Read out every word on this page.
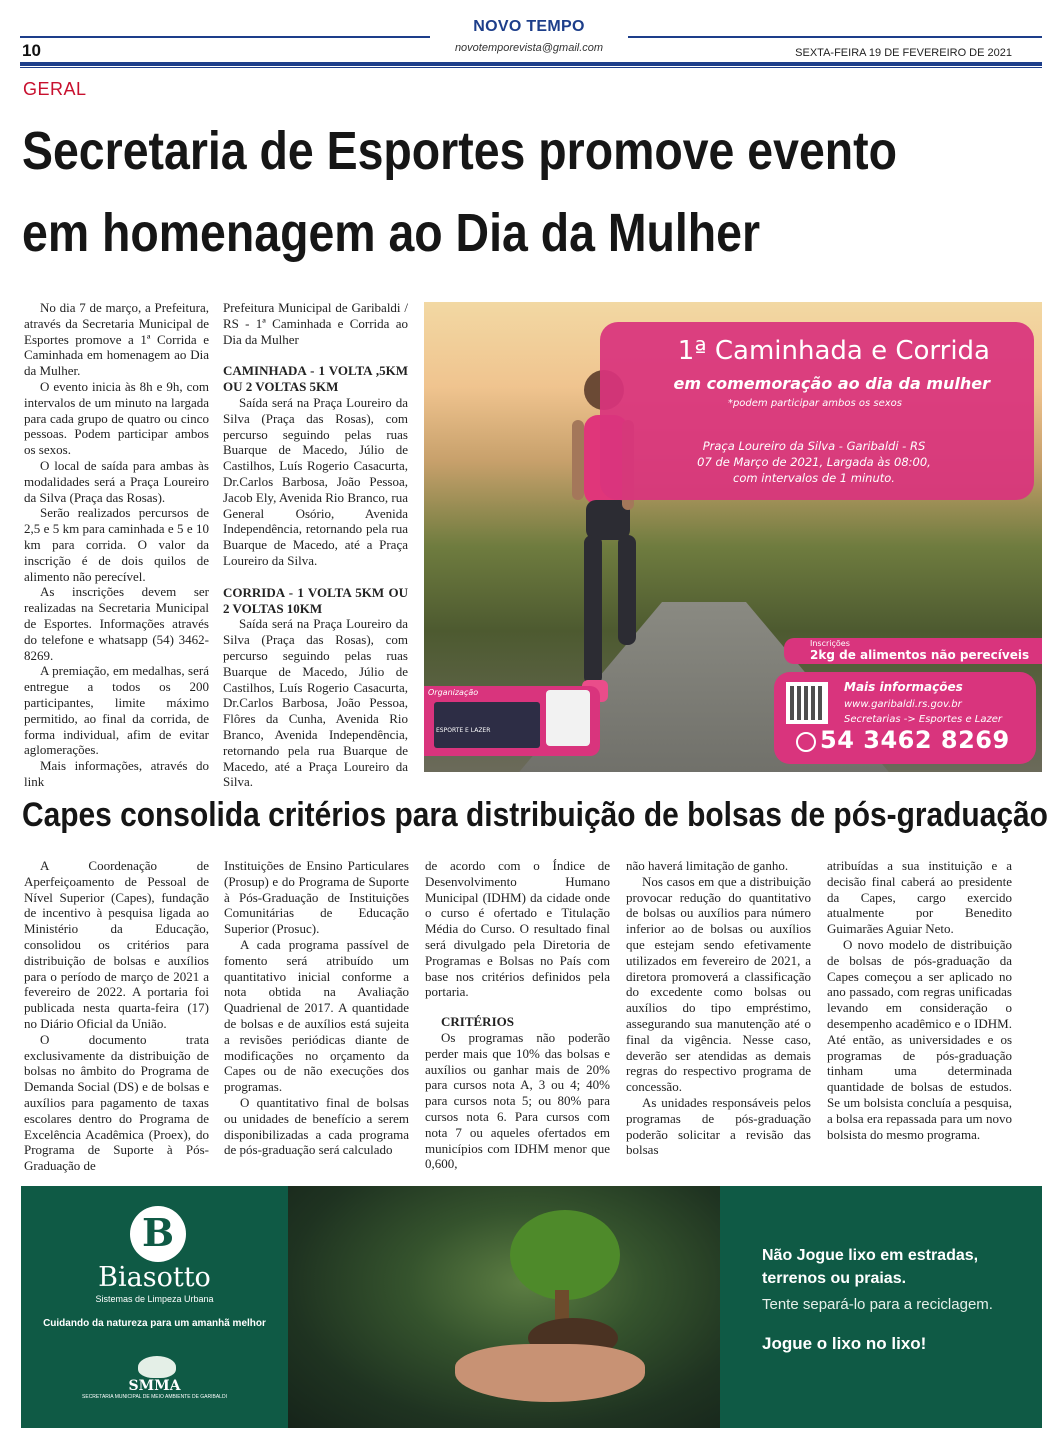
NOVO TEMPO
novotemporevista@gmail.com
10	SEXTA-FEIRA 19 DE FEVEREIRO DE 2021
GERAL
Secretaria de Esportes promove evento
em homenagem ao Dia da Mulher

No dia 7 de março, a Prefeitura, através da Secretaria Municipal de Esportes promove a 1ª Corrida e Caminhada em homenagem ao Dia da Mulher.

O evento inicia às 8h e 9h, com intervalos de um minuto na largada para cada grupo de quatro ou cinco pessoas. Podem participar ambos os sexos.

O local de saída para ambas às modalidades será a Praça Loureiro da Silva (Praça das Rosas).

Serão realizados percursos de 2,5 e 5 km para caminhada e 5 e 10 km para corrida. O valor da inscrição é de dois quilos de alimento não perecível.

As inscrições devem ser realizadas na Secretaria Municipal de Esportes. Informações através do telefone e whatsapp (54) 3462-8269.

A premiação, em medalhas, será entregue a todos os 200 participantes, limite máximo permitido, ao final da corrida, de forma individual, afim de evitar aglomerações.

Mais informações, através do link

Prefeitura Municipal de Garibaldi / RS - 1ª Caminhada e Corrida ao Dia da Mulher

CAMINHADA - 1 VOLTA ,5KM OU 2 VOLTAS 5KM

Saída será na Praça Loureiro da Silva (Praça das Rosas), com percurso seguindo pelas ruas Buarque de Macedo, Júlio de Castilhos, Luís Rogerio Casacurta, Dr.Carlos Barbosa, João Pessoa, Jacob Ely, Avenida Rio Branco, rua General Osório, Avenida Independência, retornando pela rua Buarque de Macedo, até a Praça Loureiro da Silva.

CORRIDA - 1 VOLTA 5KM OU 2 VOLTAS 10KM

Saída será na Praça Loureiro da Silva (Praça das Rosas), com percurso seguindo pelas ruas Buarque de Macedo, Júlio de Castilhos, Luís Rogerio Casacurta, Dr.Carlos Barbosa, João Pessoa, Flôres da Cunha, Avenida Rio Branco, Avenida Independência, retornando pela rua Buarque de Macedo, até a Praça Loureiro da Silva.

1ª Caminhada e Corrida
em comemoração ao dia da mulher
*podem participar ambos os sexos
Praça Loureiro da Silva - Garibaldi - RS
07 de Março de 2021, Largada às 08:00,
com intervalos de 1 minuto.
Inscrições
2kg de alimentos não perecíveis
Organização
ESPORTE E LAZER
Mais informações
www.garibaldi.rs.gov.br
Secretarias -> Esportes e Lazer
54 3462 8269
Capes consolida critérios para distribuição de bolsas de pós-graduação

A Coordenação de Aperfeiçoamento de Pessoal de Nível Superior (Capes), fundação de incentivo à pesquisa ligada ao Ministério da Educação, consolidou os critérios para distribuição de bolsas e auxílios para o período de março de 2021 a fevereiro de 2022. A portaria foi publicada nesta quarta-feira (17) no Diário Oficial da União.

O documento trata exclusivamente da distribuição de bolsas no âmbito do Programa de Demanda Social (DS) e de bolsas e auxílios para pagamento de taxas escolares dentro do Programa de Excelência Acadêmica (Proex), do Programa de Suporte à Pós-Graduação de

Instituições de Ensino Particulares (Prosup) e do Programa de Suporte à Pós-Graduação de Instituições Comunitárias de Educação Superior (Prosuc).

A cada programa passível de fomento será atribuído um quantitativo inicial conforme a nota obtida na Avaliação Quadrienal de 2017. A quantidade de bolsas e de auxílios está sujeita a revisões periódicas diante de modificações no orçamento da Capes ou de não execuções dos programas.

O quantitativo final de bolsas ou unidades de benefício a serem disponibilizadas a cada programa de pós-graduação será calculado

de acordo com o Índice de Desenvolvimento Humano Municipal (IDHM) da cidade onde o curso é ofertado e Titulação Média do Curso. O resultado final será divulgado pela Diretoria de Programas e Bolsas no País com base nos critérios definidos pela portaria.

CRITÉRIOS

Os programas não poderão perder mais que 10% das bolsas e auxílios ou ganhar mais de 20% para cursos nota A, 3 ou 4; 40% para cursos nota 5; ou 80% para cursos nota 6. Para cursos com nota 7 ou aqueles ofertados em municípios com IDHM menor que 0,600,

não haverá limitação de ganho.

Nos casos em que a distribuição provocar redução do quantitativo de bolsas ou auxílios para número inferior ao de bolsas ou auxílios que estejam sendo efetivamente utilizados em fevereiro de 2021, a diretora promoverá a classificação do excedente como bolsas ou auxílios do tipo empréstimo, assegurando sua manutenção até o final da vigência. Nesse caso, deverão ser atendidas as demais regras do respectivo programa de concessão.

As unidades responsáveis pelos programas de pós-graduação poderão solicitar a revisão das bolsas

atribuídas a sua instituição e a decisão final caberá ao presidente da Capes, cargo exercido atualmente por Benedito Guimarães Aguiar Neto.

O novo modelo de distribuição de bolsas de pós-graduação da Capes começou a ser aplicado no ano passado, com regras unificadas levando em consideração o desempenho acadêmico e o IDHM. Até então, as universidades e os programas de pós-graduação tinham uma determinada quantidade de bolsas de estudos. Se um bolsista concluía a pesquisa, a bolsa era repassada para um novo bolsista do mesmo programa.

B
Biasotto
Sistemas de Limpeza Urbana
Cuidando da natureza para um amanhã melhor
SMMA
SECRETARIA MUNICIPAL DE MEIO AMBIENTE DE GARIBALDI
Não Jogue lixo em estradas,
terrenos ou praias.
Tente separá-lo para a reciclagem.
Jogue o lixo no lixo!
